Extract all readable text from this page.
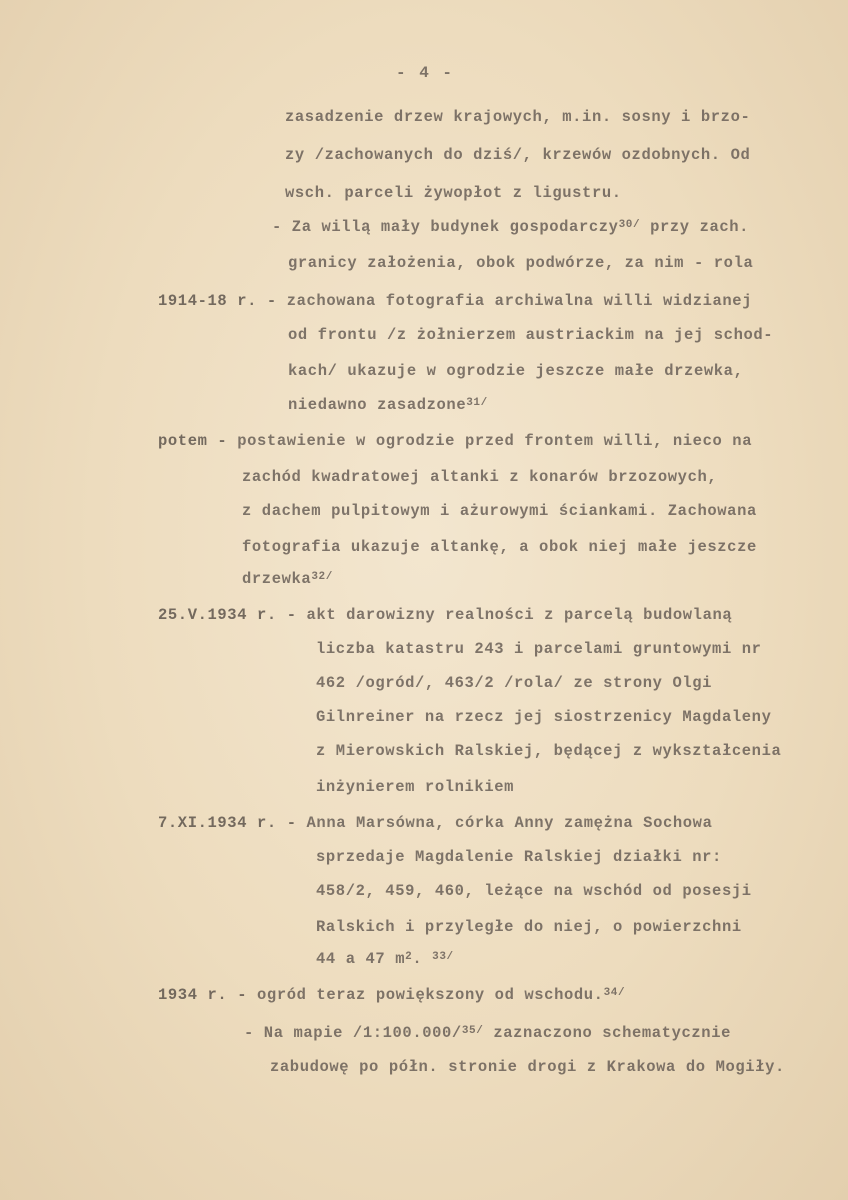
- 4 -
zasadzenie drzew krajowych, m.in. sosny i brzo-
zy /zachowanych do dziś/, krzewów ozdobnych. Od
wsch. parceli żywopłot z ligustru.
- Za willą mały budynek gospodarczy$^{30/}$ przy zach.
granicy założenia, obok podwórze, za nim - rola
1914-18 r. - zachowana fotografia archiwalna willi widzianej
od frontu /z żołnierzem austriackim na jej schod-
kach/ ukazuje w ogrodzie jeszcze małe drzewka,
niedawno zasadzone$^{31/}$
potem - postawienie w ogrodzie przed frontem willi, nieco na
zachód kwadratowej altanki z konarów brzozowych,
z dachem pulpitowym i ażurowymi ściankami. Zachowana
fotografia ukazuje altankę, a obok niej małe jeszcze
drzewka$^{32/}$
25.V.1934 r. - akt darowizny realności z parcelą budowlaną
liczba katastru 243 i parcelami gruntowymi nr
462 /ogród/, 463/2 /rola/ ze strony Olgi
Gilnreiner na rzecz jej siostrzenicy Magdaleny
z Mierowskich Ralskiej, będącej z wykształcenia
inżynierem rolnikiem
7.XI.1934 r. - Anna Marsówna, córka Anny zamężna Sochowa
sprzedaje Magdalenie Ralskiej działki nr:
458/2, 459, 460, leżące na wschód od posesji
Ralskich i przyległe do niej, o powierzchni
44 a 47 $m^2$. $^{33/}$
1934 r. - ogród teraz powiększony od wschodu.$^{34/}$
- Na mapie /1:100.000/$^{35/}$ zaznaczono schematycznie
zabudowę po półn. stronie drogi z Krakowa do Mogiły.
